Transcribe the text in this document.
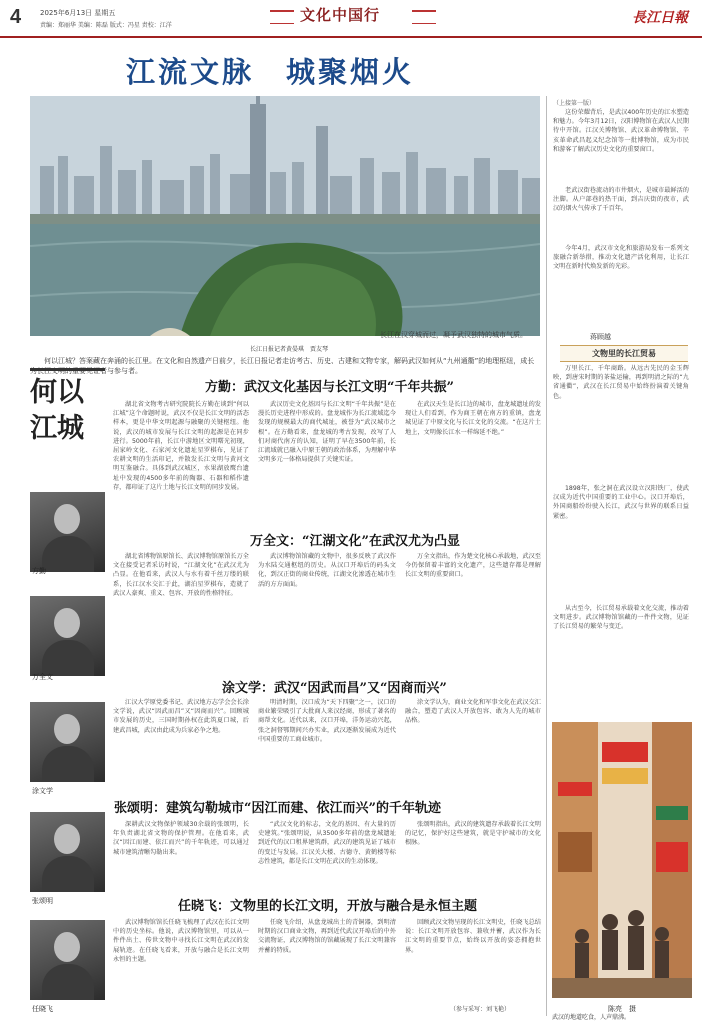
4	2025年6月13日 星期五
责编：郑丽华 美编：陈磊 版式：冯星 责校：江洋
文化中国行	長江日報
江流文脉　城聚烟火
长江在汉穿城而过，凝予武汉独特的城市气质。
长江日报记者黄晏琪　贾友琴
何以江城？答案藏在奔涌的长江里。在文化和自然遗产日前夕，长江日报记者走访考古、历史、古建和文物专家，解码武汉如何从“九州通衢”的地理枢纽，成长为长江文明的重要见证者与参与者。
何以江城
方勤：武汉文化基因与长江文明“千年共振”
湖北省文物考古研究院院长方勤在谈到“何以江城”这个命题时说，武汉不仅是长江文明的活态样本，更是中华文明起源与融聚的关键枢纽。他说，武汉的城市发展与长江文明的起源是在同步进行。5000年前，长江中游地区文明曙光初现，屈家岭文化、石家河文化遗址星罗棋布，见证了农耕文明的生活印记，并散发长江文明与黄河文明互鉴融合。具体到武汉城区，水果湖放鹰台遗址中发现的4500多年前的陶器、石器和稻作遗存，都印证了这片土地与长江文明的同步发展。
武汉历史文化基因与长江文明“千年共振”是在漫长历史进程中形成的。盘龙城作为长江流域迄今发现的规模最大的商代城址，被誉为“武汉城市之根”。在方勤看来，盘龙城的考古发现，改写了人们对商代南方的认知，证明了早在3500年前，长江流域就已融入中原王朝的政治体系，为理解中华文明多元一体格局提供了关键实证。
在武汉天生是长江边的城市，盘龙城遗址的发现让人们看到，作为商王朝在南方的重镇，盘龙城见证了中原文化与长江文化的交流。“在这片土地上，文明像长江水一样绵延不绝。”
方勤
万全文：“江湖文化”在武汉尤为凸显
湖北省博物馆原馆长、武汉博物馆原馆长万全文在接受记者采访时说，“江湖文化”在武汉尤为凸显。在他看来，武汉人与水有着千丝万缕的联系，长江汉水交汇于此，湖泊星罗棋布，造就了武汉人豪爽、重义、包容、开放的性格特征。
武汉博物馆馆藏的文物中，很多反映了武汉作为水陆交通枢纽的历史。从汉口开埠后的码头文化，到汉正街的商业传统，江湖文化渗透在城市生活的方方面面。
万全文指出，作为楚文化核心承载地，武汉至今仍保留着丰富的文化遗产，这些遗存都是理解长江文明的重要窗口。
万全文
涂文学：武汉“因武而昌”又“因商而兴”
江汉大学原党委书记、武汉地方志学会会长涂文学说，武汉“因武而昌”又“因商而兴”。回顾城市发展的历史，三国时期孙权在此筑夏口城，后建武昌城，武汉由此成为兵家必争之地。
明清时期，汉口成为“天下四聚”之一，汉口的商业繁荣吸引了大批商人来汉经商，形成了著名的商帮文化。近代以来，汉口开埠，洋务运动兴起，张之洞督鄂期间兴办实业，武汉逐渐发展成为近代中国重要的工商业城市。
涂文学认为，商业文化和军事文化在武汉交汇融合，塑造了武汉人开放包容、敢为人先的城市品格。
涂文学
张颂明：建筑勾勒城市“因江而建、依江而兴”的千年轨迹
深耕武汉文物保护领域30余载的张颂明，长年负责湖北省文物的保护管理。在他看来，武汉“因江而建、依江而兴”的千年轨迹，可以通过城市建筑清晰勾勒出来。
“武汉文化的标志，文化的基因、有大量的历史建筑。”张颂明说，从3500多年前的盘龙城遗址到近代的汉口租界建筑群，武汉的建筑见证了城市的变迁与发展。江汉关大楼、古德寺、黄鹤楼等标志性建筑，都是长江文明在武汉的生动体现。
张颂明指出，武汉的建筑遗存承载着长江文明的记忆，保护好这些建筑，就是守护城市的文化根脉。
张颂明	任晓飞：文物里的长江文明，开放与融合是永恒主题
武汉博物馆馆长任晓飞梳理了武汉在长江文明中的历史坐标。他说，武汉博物馆里，可以从一件件出土、传世文物中寻找长江文明在武汉的发展轨迹。在任晓飞看来，开放与融合是长江文明永恒的主题。
任晓飞介绍，从盘龙城出土的青铜器，到明清时期的汉口商业文物，再到近代武汉开埠后的中外交流物证，武汉博物馆的馆藏展现了长江文明兼容并蓄的特质。
回顾武汉文物呈现的长江文明史，任晓飞总结说：长江文明开放包容、兼收并蓄，武汉作为长江文明的重要节点，始终以开放的姿态拥抱世界。
任晓飞
（上接第一版）
这份荣耀背后，是武汉400年历史的江水塑造和魅力。今年3月12日，汉阳博物馆在武汉人民期待中开馆。江汉关博物馆、武汉革命博物馆、辛亥革命武昌起义纪念馆等一批博物馆，成为市民和游客了解武汉历史文化的重要窗口。
老武汉街巷流动的市井烟火，是城市最鲜活的注脚。从户部巷的热干面，到吉庆街的夜市，武汉的烟火气传承了千百年。
今年4月，武汉市文化和旅游局发布一系列文旅融合新举措，推动文化遗产活化利用，让长江文明在新时代焕发新的光彩。
蒋顾越
文物里的长江贸易
万里长江，千年商路。从远古先民的金玉辉映，到唐宋时期的茶盐运输，再到明清之际的“九省通衢”，武汉在长江贸易中始终扮演着关键角色。
1898年，张之洞在武汉设立汉阳铁厂，使武汉成为近代中国重要的工业中心。汉口开埠后，外国商船纷纷驶入长江，武汉与世界的联系日益紧密。
从古至今，长江贸易承载着文化交流，推动着文明进步。武汉博物馆馆藏的一件件文物，见证了长江贸易的繁荣与变迁。
（参与采写：刘飞艳）
武汉的地道吃食，人声鼎沸。
陈亮　摄
